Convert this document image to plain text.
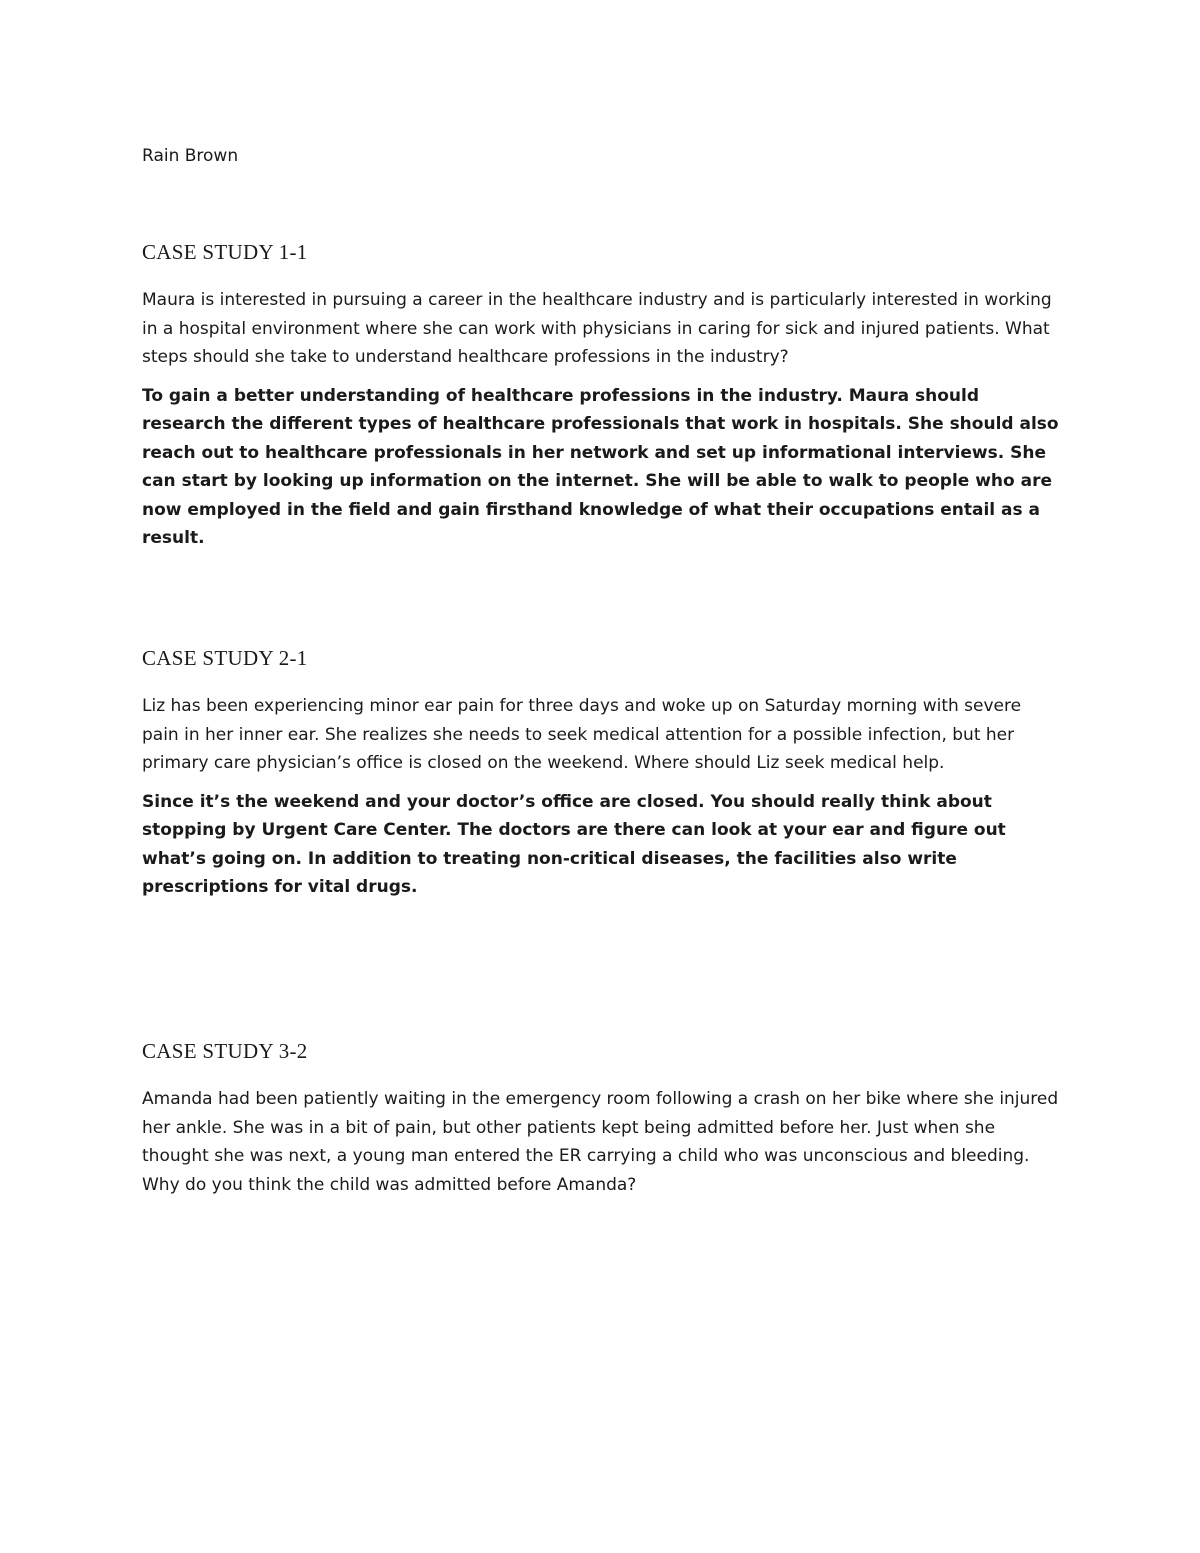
Rain Brown
CASE STUDY 1-1

Maura is interested in pursuing a career in the healthcare industry and is particularly interested in working in a hospital environment where she can work with physicians in caring for sick and injured patients. What steps should she take to understand healthcare professions in the industry?

To gain a better understanding of healthcare professions in the industry. Maura should research the different types of healthcare professionals that work in hospitals. She should also reach out to healthcare professionals in her network and set up informational interviews. She can start by looking up information on the internet. She will be able to walk to people who are now employed in the field and gain firsthand knowledge of what their occupations entail as a result.

CASE STUDY 2-1

Liz has been experiencing minor ear pain for three days and woke up on Saturday morning with severe pain in her inner ear. She realizes she needs to seek medical attention for a possible infection, but her primary care physician’s office is closed on the weekend. Where should Liz seek medical help.

Since it’s the weekend and your doctor’s office are closed. You should really think about stopping by Urgent Care Center. The doctors are there can look at your ear and figure out what’s going on. In addition to treating non-critical diseases, the facilities also write prescriptions for vital drugs.

CASE STUDY 3-2

Amanda had been patiently waiting in the emergency room following a crash on her bike where she injured her ankle. She was in a bit of pain, but other patients kept being admitted before her. Just when she thought she was next, a young man entered the ER carrying a child who was unconscious and bleeding. Why do you think the child was admitted before Amanda?
